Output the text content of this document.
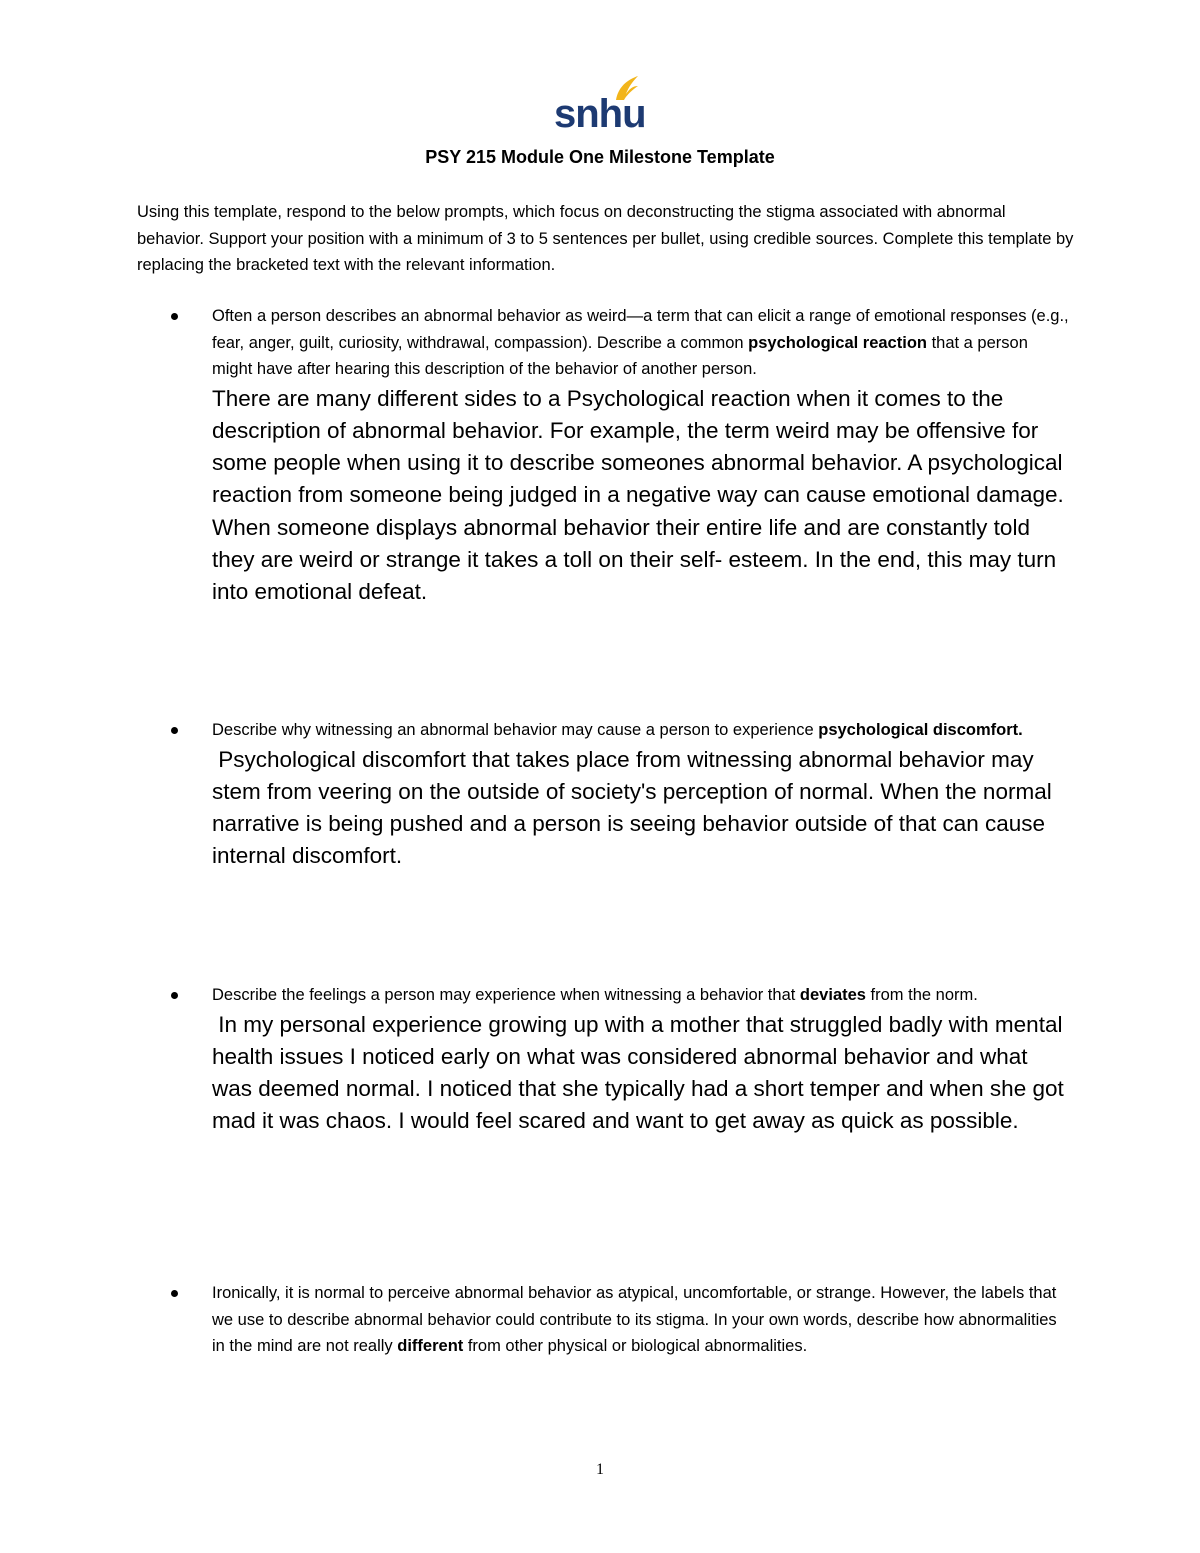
snhu
PSY 215 Module One Milestone Template
Using this template, respond to the below prompts, which focus on deconstructing the stigma associated with abnormal behavior. Support your position with a minimum of 3 to 5 sentences per bullet, using credible sources. Complete this template by replacing the bracketed text with the relevant information.
Often a person describes an abnormal behavior as weird—a term that can elicit a range of emotional responses (e.g., fear, anger, guilt, curiosity, withdrawal, compassion). Describe a common psychological reaction that a person might have after hearing this description of the behavior of another person.
There are many different sides to a Psychological reaction when it comes to the description of abnormal behavior. For example, the term weird may be offensive for some people when using it to describe someones abnormal behavior. A psychological reaction from someone being judged in a negative way can cause emotional damage. When someone displays abnormal behavior their entire life and are constantly told they are weird or strange it takes a toll on their self- esteem. In the end, this may turn into emotional defeat.
Describe why witnessing an abnormal behavior may cause a person to experience psychological discomfort.
Psychological discomfort that takes place from witnessing abnormal behavior may stem from veering on the outside of society's perception of normal. When the normal narrative is being pushed and a person is seeing behavior outside of that can cause internal discomfort.
Describe the feelings a person may experience when witnessing a behavior that deviates from the norm.
In my personal experience growing up with a mother that struggled badly with mental health issues I noticed early on what was considered abnormal behavior and what was deemed normal. I noticed that she typically had a short temper and when she got mad it was chaos. I would feel scared and want to get away as quick as possible.
Ironically, it is normal to perceive abnormal behavior as atypical, uncomfortable, or strange. However, the labels that we use to describe abnormal behavior could contribute to its stigma. In your own words, describe how abnormalities in the mind are not really different from other physical or biological abnormalities.
1
